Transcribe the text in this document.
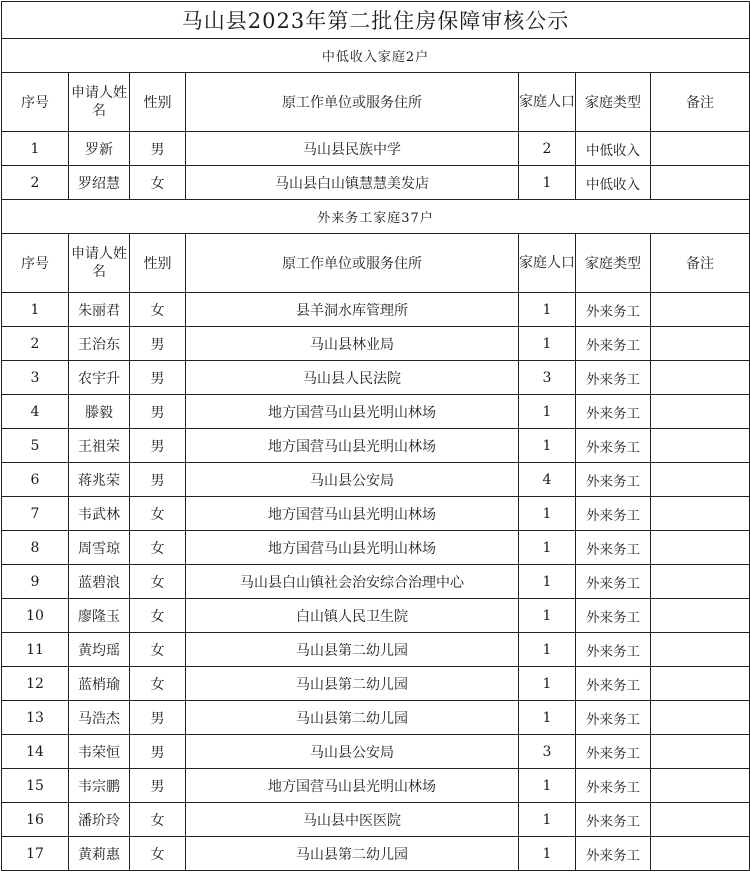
马山县2023年第二批住房保障审核公示						
中低收入家庭2户						
序号	申请人姓名	性别	原工作单位或服务住所	家庭人口	家庭类型	备注
1	罗新	男	马山县民族中学	2	中低收入	
2	罗绍慧	女	马山县白山镇慧慧美发店	1	中低收入	
外来务工家庭37户						
序号	申请人姓名	性别	原工作单位或服务住所	家庭人口	家庭类型	备注
1	朱丽君	女	县羊洞水库管理所	1	外来务工	
2	王治东	男	马山县林业局	1	外来务工	
3	农宇升	男	马山县人民法院	3	外来务工	
4	滕毅	男	地方国营马山县光明山林场	1	外来务工	
5	王祖荣	男	地方国营马山县光明山林场	1	外来务工	
6	蒋兆荣	男	马山县公安局	4	外来务工	
7	韦武林	女	地方国营马山县光明山林场	1	外来务工	
8	周雪琼	女	地方国营马山县光明山林场	1	外来务工	
9	蓝碧浪	女	马山县白山镇社会治安综合治理中心	1	外来务工	
10	廖隆玉	女	白山镇人民卫生院	1	外来务工	
11	黄均瑶	女	马山县第二幼儿园	1	外来务工	
12	蓝梢瑜	女	马山县第二幼儿园	1	外来务工	
13	马浩杰	男	马山县第二幼儿园	1	外来务工	
14	韦荣恒	男	马山县公安局	3	外来务工	
15	韦宗鹏	男	地方国营马山县光明山林场	1	外来务工	
16	潘玠玲	女	马山县中医医院	1	外来务工	
17	黄莉惠	女	马山县第二幼儿园	1	外来务工	
